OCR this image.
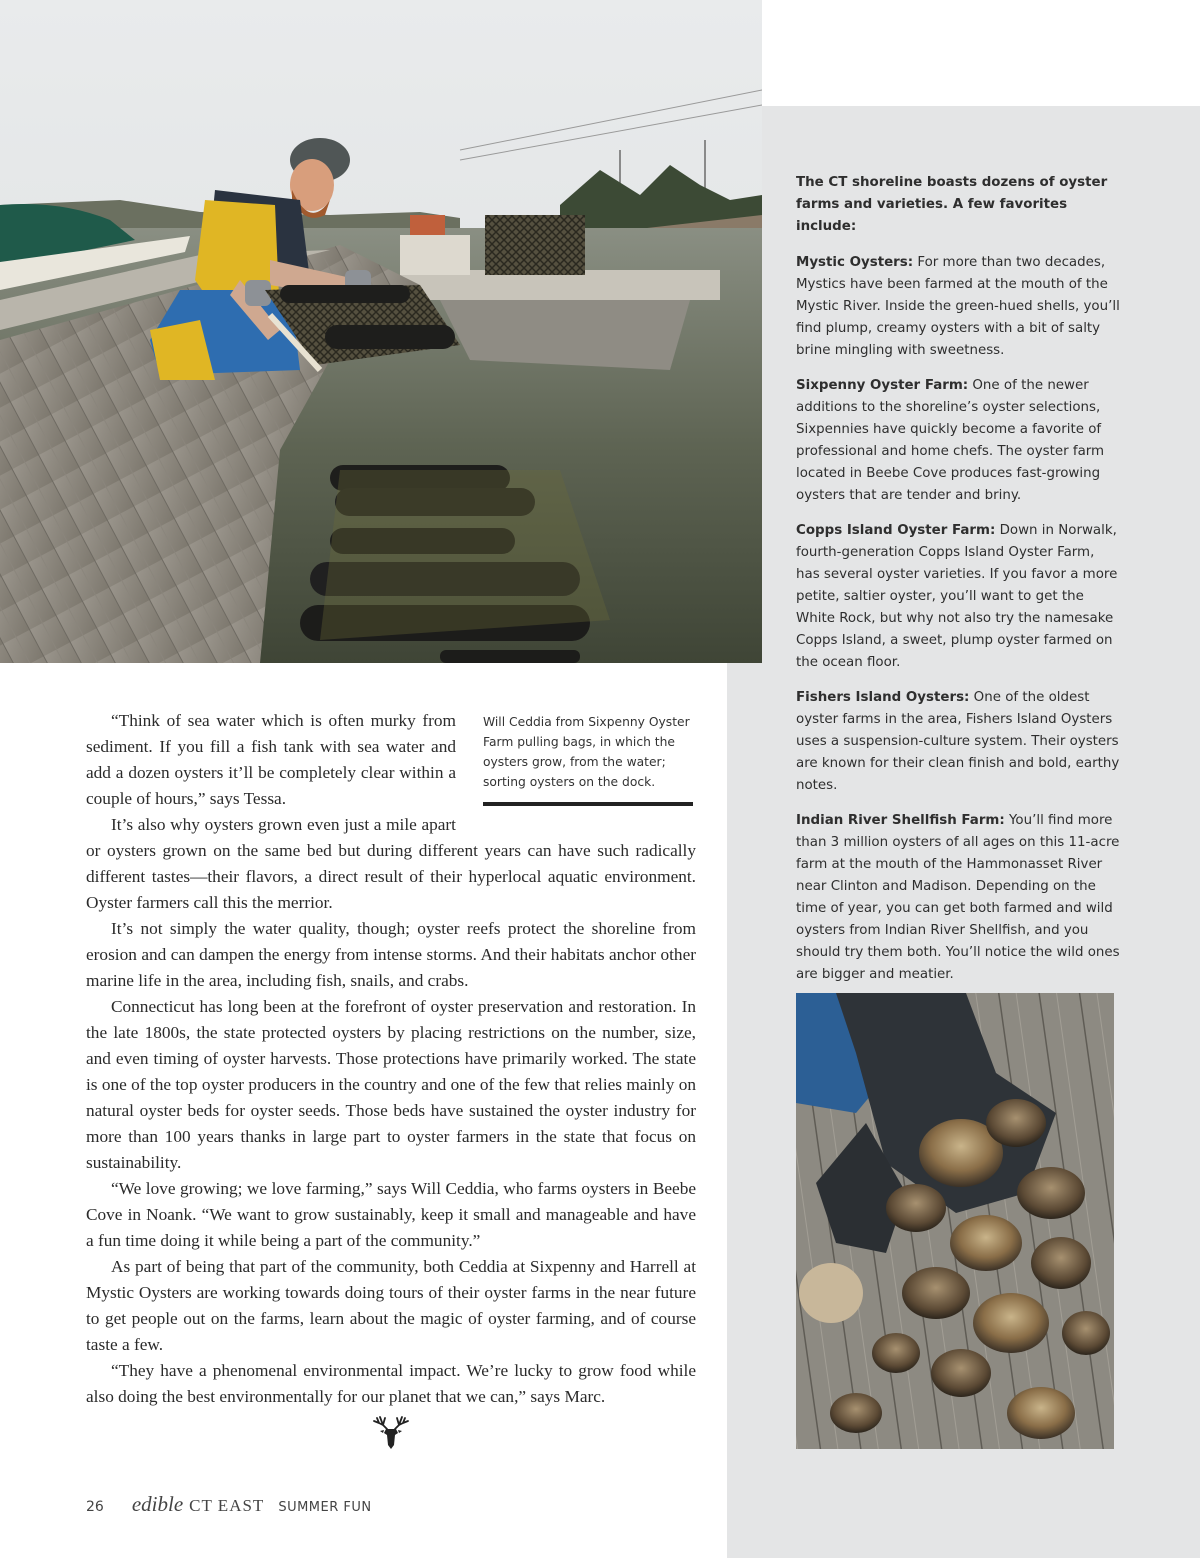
The CT shoreline boasts dozens of oyster farms and varieties. A few favorites include:

Mystic Oysters: For more than two decades, Mystics have been farmed at the mouth of the Mystic River. Inside the green-hued shells, you’ll find plump, creamy oysters with a bit of salty brine mingling with sweetness.

Sixpenny Oyster Farm: One of the newer additions to the shoreline’s oyster selections, Sixpennies have quickly become a favorite of professional and home chefs. The oyster farm located in Beebe Cove produces fast-growing oysters that are tender and briny.

Copps Island Oyster Farm: Down in Norwalk, fourth-generation Copps Island Oyster Farm, has several oyster varieties. If you favor a more petite, saltier oyster, you’ll want to get the White Rock, but why not also try the namesake Copps Island, a sweet, plump oyster farmed on the ocean floor.

Fishers Island Oysters: One of the oldest oyster farms in the area, Fishers Island Oysters uses a suspension-culture system. Their oysters are known for their clean finish and bold, earthy notes.

Indian River Shellfish Farm: You’ll find more than 3 million oysters of all ages on this 11-acre farm at the mouth of the Hammonasset River near Clinton and Madison. Depending on the time of year, you can get both farmed and wild oysters from Indian River Shellfish, and you should try them both. You’ll notice the wild ones are bigger and meatier.

Will Ceddia from Sixpenny Oyster Farm pulling bags, in which the oysters grow, from the water; sorting oysters on the dock.

“Think of sea water which is often murky from sediment. If you fill a fish tank with sea water and add a dozen oysters it’ll be completely clear within a couple of hours,” says Tessa.

It’s also why oysters grown even just a mile apart or oysters grown on the same bed but during different years can have such radically different tastes—their flavors, a direct result of their hyperlocal aquatic environment. Oyster farmers call this the merrior.

It’s not simply the water quality, though; oyster reefs protect the shoreline from erosion and can dampen the energy from intense storms. And their habitats anchor other marine life in the area, including fish, snails, and crabs.

Connecticut has long been at the forefront of oyster preservation and restoration. In the late 1800s, the state protected oysters by placing restrictions on the number, size, and even timing of oyster harvests. Those protections have primarily worked. The state is one of the top oyster producers in the country and one of the few that relies mainly on natural oyster beds for oyster seeds. Those beds have sustained the oyster industry for more than 100 years thanks in large part to oyster farmers in the state that focus on sustainability.

“We love growing; we love farming,” says Will Ceddia, who farms oysters in Beebe Cove in Noank. “We want to grow sustainably, keep it small and manageable and have a fun time doing it while being a part of the community.”

As part of being that part of the community, both Ceddia at Sixpenny and Harrell at Mystic Oysters are working towards doing tours of their oyster farms in the near future to get people out on the farms, learn about the magic of oyster farming, and of course taste a few.

“They have a phenomenal environmental impact. We’re lucky to grow food while also doing the best environmentally for our planet that we can,” says Marc.

26 edible CT EAST SUMMER FUN
